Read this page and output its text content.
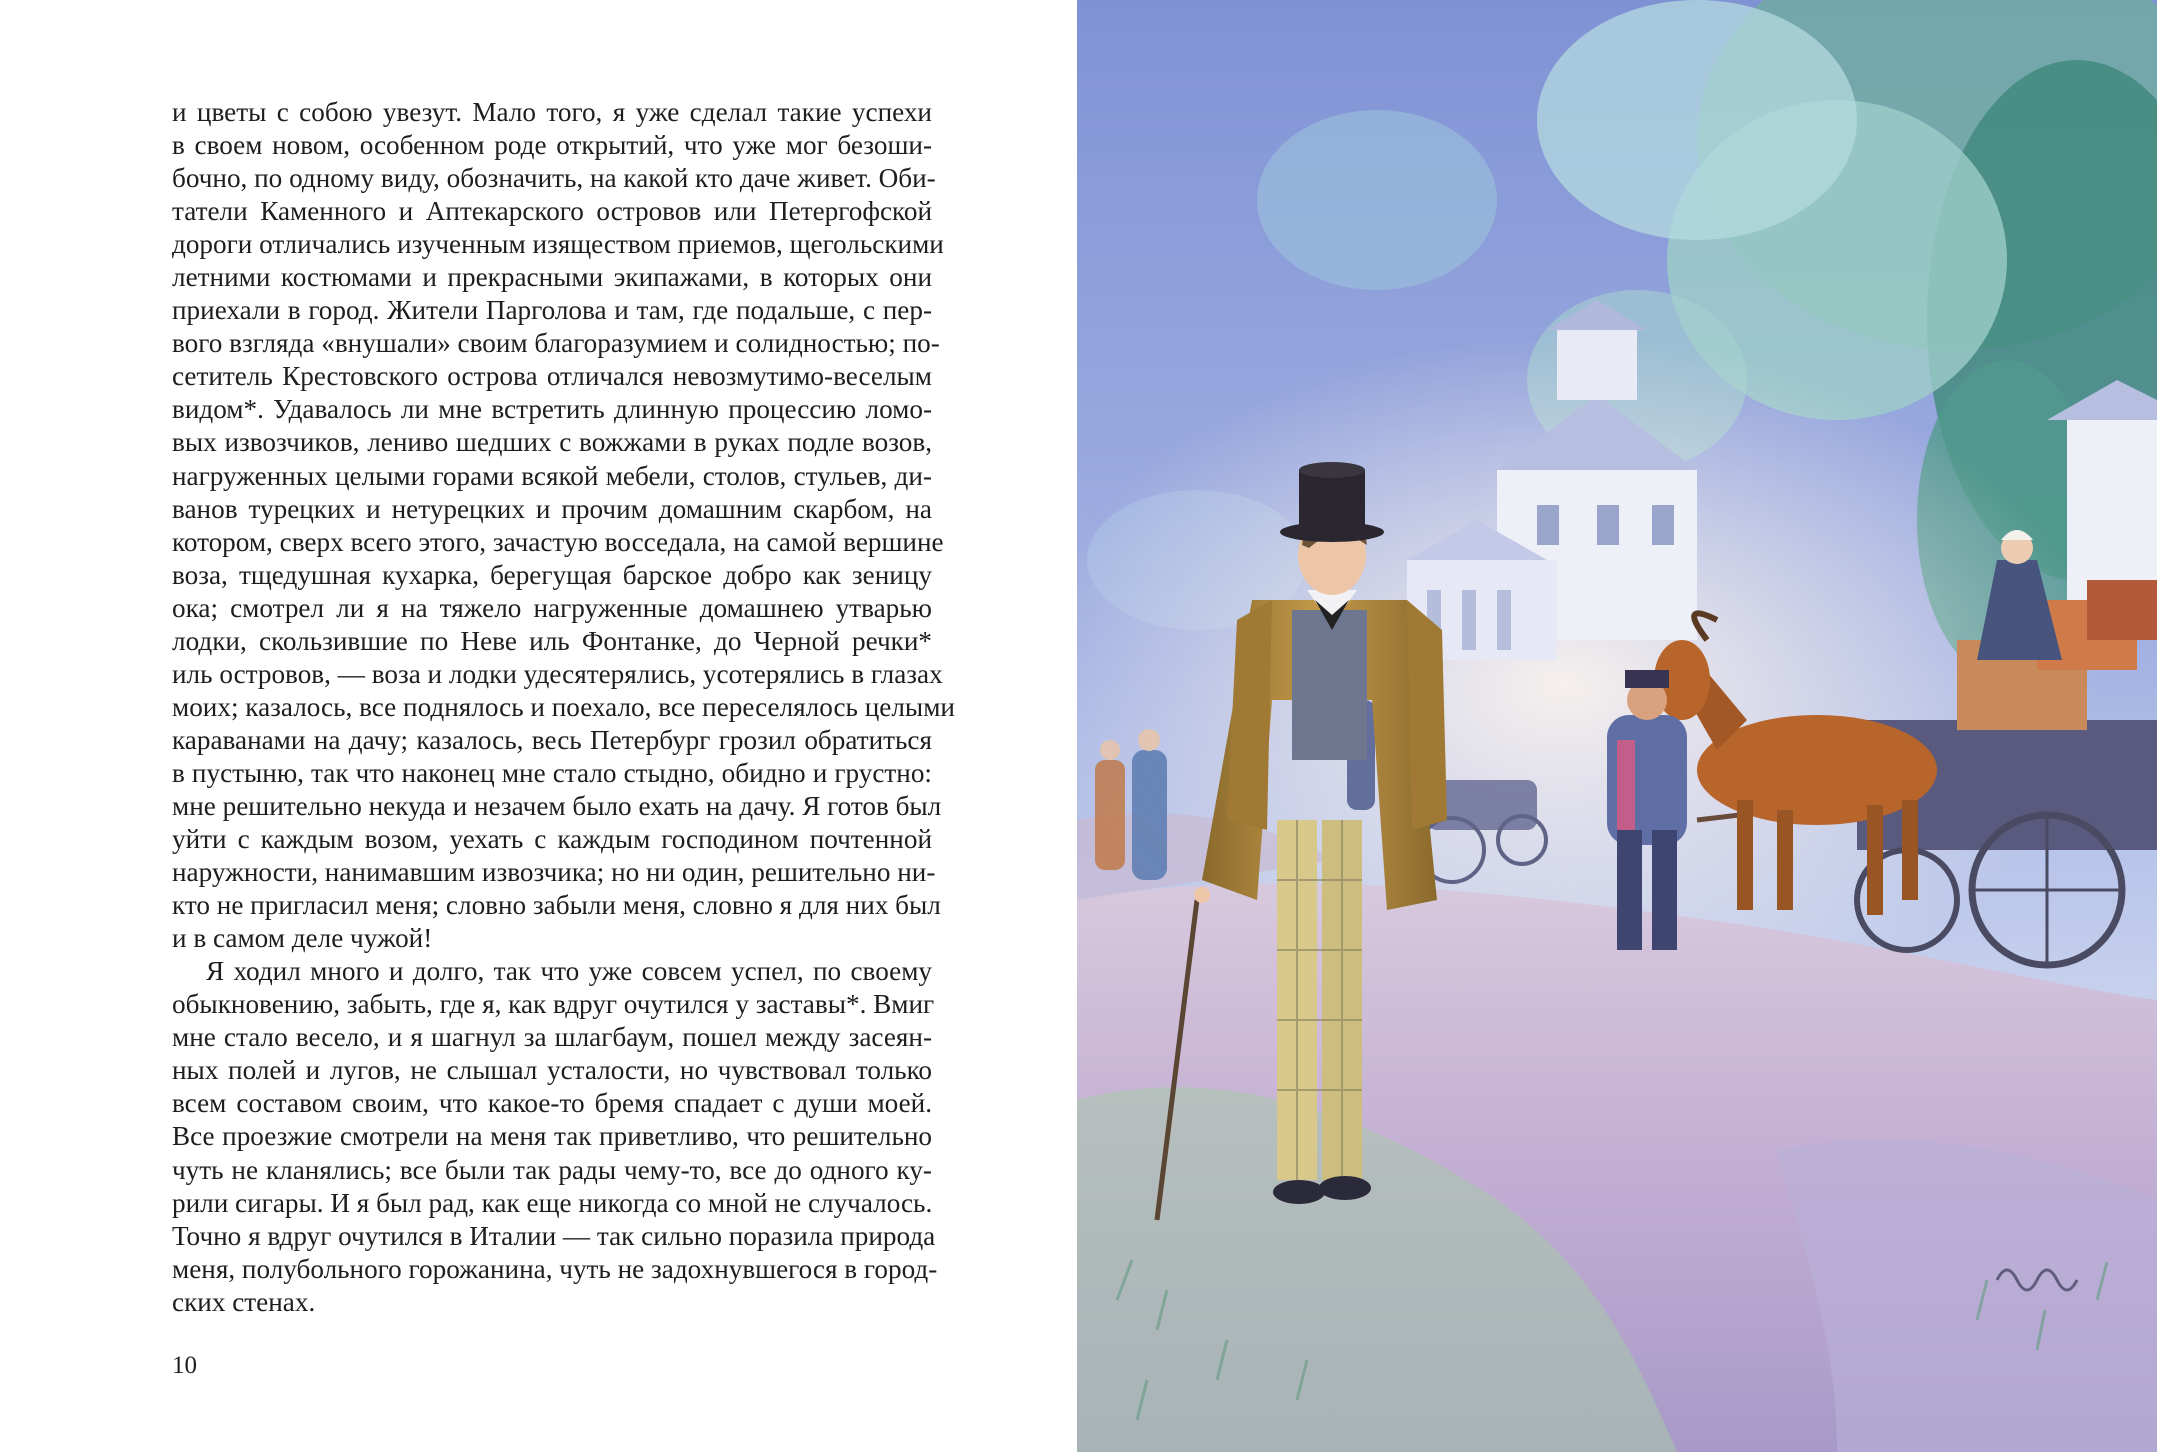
и цветы с собою увезут. Мало того, я уже сделал такие успехи
в своем новом, особенном роде открытий, что уже мог безоши-
бочно, по одному виду, обозначить, на какой кто даче живет. Оби-
татели Каменного и Аптекарского островов или Петергофской
дороги отличались изученным изяществом приемов, щегольскими
летними костюмами и прекрасными экипажами, в которых они
приехали в город. Жители Парголова и там, где подальше, с пер-
вого взгляда «внушали» своим благоразумием и солидностью; по-
сетитель Крестовского острова отличался невозмутимо-веселым
видом*. Удавалось ли мне встретить длинную процессию ломо-
вых извозчиков, лениво шедших с вожжами в руках подле возов,
нагруженных целыми горами всякой мебели, столов, стульев, ди-
ванов турецких и нетурецких и прочим домашним скарбом, на
котором, сверх всего этого, зачастую восседала, на самой вершине
воза, тщедушная кухарка, берегущая барское добро как зеницу
ока; смотрел ли я на тяжело нагруженные домашнею утварью
лодки, скользившие по Неве иль Фонтанке, до Черной речки*
иль островов, — воза и лодки удесятерялись, усотерялись в глазах
моих; казалось, все поднялось и поехало, все переселялось целыми
караванами на дачу; казалось, весь Петербург грозил обратиться
в пустыню, так что наконец мне стало стыдно, обидно и грустно:
мне решительно некуда и незачем было ехать на дачу. Я готов был
уйти с каждым возом, уехать с каждым господином почтенной
наружности, нанимавшим извозчика; но ни один, решительно ни-
кто не пригласил меня; словно забыли меня, словно я для них был
и в самом деле чужой!

Я ходил много и долго, так что уже совсем успел, по своему
обыкновению, забыть, где я, как вдруг очутился у заставы*. Вмиг
мне стало весело, и я шагнул за шлагбаум, пошел между засеян-
ных полей и лугов, не слышал усталости, но чувствовал только
всем составом своим, что какое-то бремя спадает с души моей.
Все проезжие смотрели на меня так приветливо, что решительно
чуть не кланялись; все были так рады чему-то, все до одного ку-
рили сигары. И я был рад, как еще никогда со мной не случалось.
Точно я вдруг очутился в Италии — так сильно поразила природа
меня, полубольного горожанина, чуть не задохнувшегося в город-
ских стенах.

10
